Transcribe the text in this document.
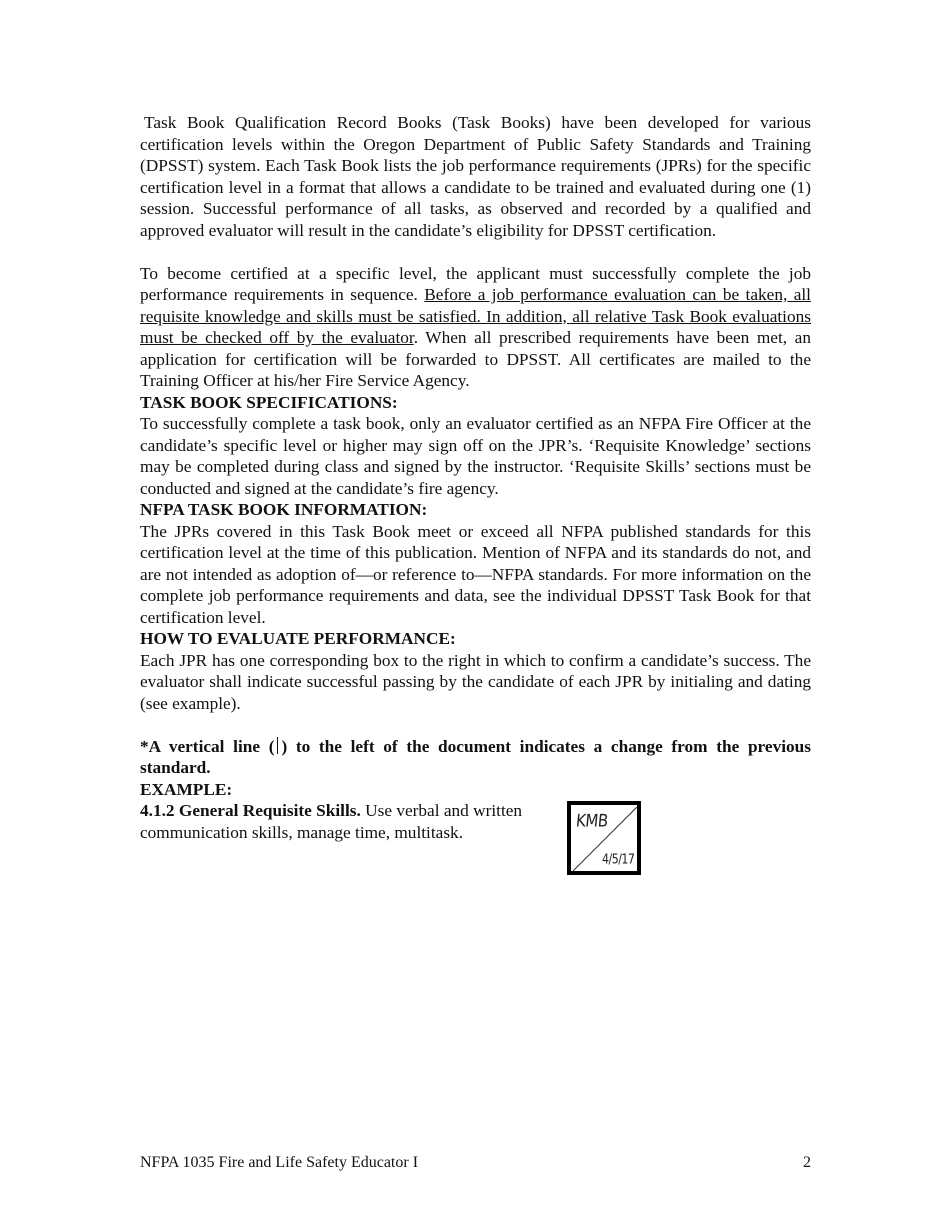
Task Book Qualification Record Books (Task Books) have been developed for various certification levels within the Oregon Department of Public Safety Standards and Training (DPSST) system. Each Task Book lists the job performance requirements (JPRs) for the specific certification level in a format that allows a candidate to be trained and evaluated during one (1) session. Successful performance of all tasks, as observed and recorded by a qualified and approved evaluator will result in the candidate’s eligibility for DPSST certification.

To become certified at a specific level, the applicant must successfully complete the job performance requirements in sequence. Before a job performance evaluation can be taken, all requisite knowledge and skills must be satisfied. In addition, all relative Task Book evaluations must be checked off by the evaluator. When all prescribed requirements have been met, an application for certification will be forwarded to DPSST. All certificates are mailed to the Training Officer at his/her Fire Service Agency.

TASK BOOK SPECIFICATIONS:

To successfully complete a task book, only an evaluator certified as an NFPA Fire Officer at the candidate’s specific level or higher may sign off on the JPR’s. ‘Requisite Knowledge’ sections may be completed during class and signed by the instructor. ‘Requisite Skills’ sections must be conducted and signed at the candidate’s fire agency.

NFPA TASK BOOK INFORMATION:

The JPRs covered in this Task Book meet or exceed all NFPA published standards for this certification level at the time of this publication. Mention of NFPA and its standards do not, and are not intended as adoption of—or reference to—NFPA standards. For more information on the complete job performance requirements and data, see the individual DPSST Task Book for that certification level.

HOW TO EVALUATE PERFORMANCE:

Each JPR has one corresponding box to the right in which to confirm a candidate’s success. The evaluator shall indicate successful passing by the candidate of each JPR by initialing and dating (see example).

*A vertical line ( ) to the left of the document indicates a change from the previous standard.

EXAMPLE:

4.1.2 General Requisite Skills. Use verbal and written communication skills, manage time, multitask.

KMB
4/5/17
NFPA 1035 Fire and Life Safety Educator I	2
